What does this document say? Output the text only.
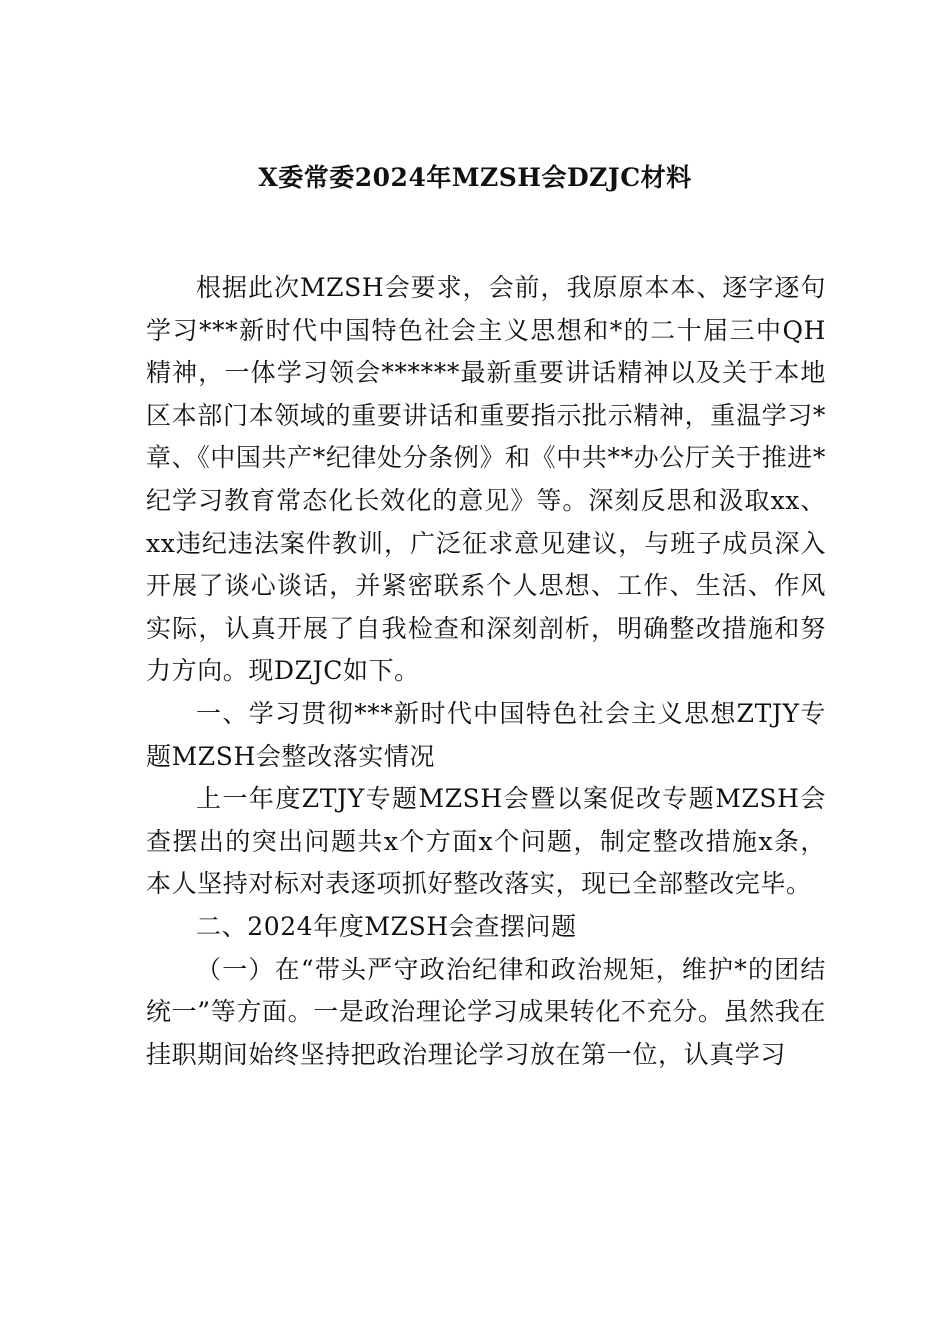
X委常委2024年MZSH会DZJC材料

根据此次MZSH会要求，会前，我原原本本、逐字逐句学习***新时代中国特色社会主义思想和*的二十届三中QH精神，一体学习领会******最新重要讲话精神以及关于本地区本部门本领域的重要讲话和重要指示批示精神，重温学习*章、《中国共产*纪律处分条例》和《中共**办公厅关于推进*纪学习教育常态化长效化的意见》等。深刻反思和汲取xx、xx违纪违法案件教训，广泛征求意见建议，与班子成员深入开展了谈心谈话，并紧密联系个人思想、工作、生活、作风实际，认真开展了自我检查和深刻剖析，明确整改措施和努力方向。现DZJC如下。

一、学习贯彻***新时代中国特色社会主义思想ZTJY专题MZSH会整改落实情况

上一年度ZTJY专题MZSH会暨以案促改专题MZSH会查摆出的突出问题共x个方面x个问题，制定整改措施x条，本人坚持对标对表逐项抓好整改落实，现已全部整改完毕。

二、2024年度MZSH会查摆问题

（一）在“带头严守政治纪律和政治规矩，维护*的团结统一”等方面。一是政治理论学习成果转化不充分。虽然我在挂职期间始终坚持把政治理论学习放在第一位，认真学习
